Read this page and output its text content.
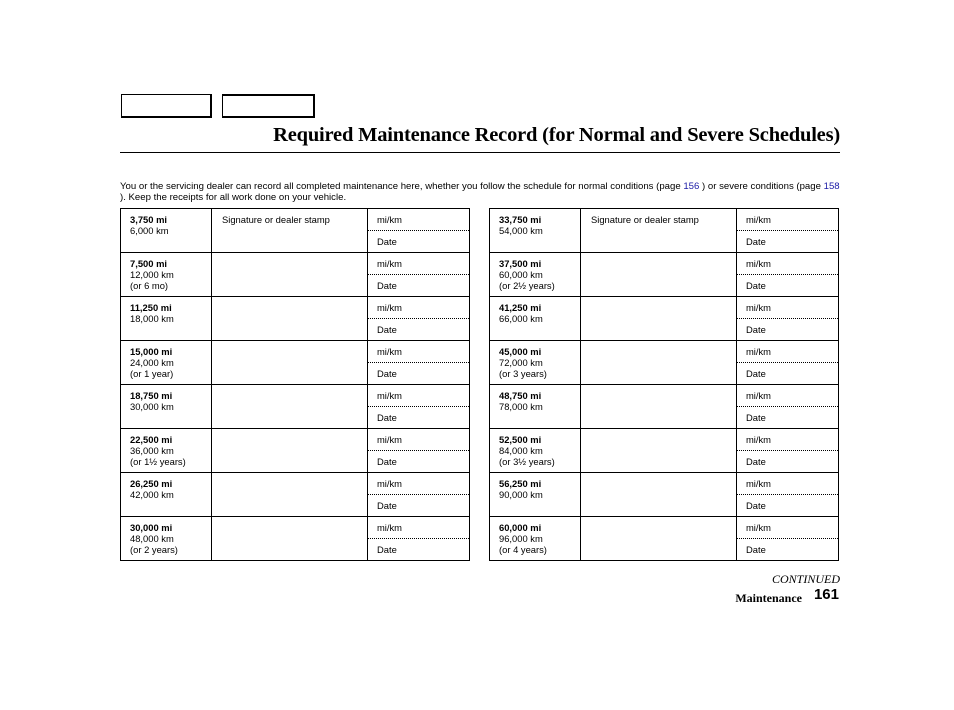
Required Maintenance Record (for Normal and Severe Schedules)
You or the servicing dealer can record all completed maintenance here, whether you follow the schedule for normal conditions (page 156 ) or severe conditions (page 158 ). Keep the receipts for all work done on your vehicle.
3,750 mi
6,000 km	Signature or dealer stamp	mi/km
		Date

7,500 mi
12,000 km
(or 6 mo)		mi/km
		Date

11,250 mi
18,000 km		mi/km
		Date

15,000 mi
24,000 km
(or 1 year)		mi/km
		Date

18,750 mi
30,000 km		mi/km
		Date

22,500 mi
36,000 km
(or 1½ years)		mi/km
		Date

26,250 mi
42,000 km		mi/km
		Date

30,000 mi
48,000 km
(or 2 years)		mi/km
		Date
33,750 mi
54,000 km	Signature or dealer stamp	mi/km
		Date

37,500 mi
60,000 km
(or 2½ years)		mi/km
		Date

41,250 mi
66,000 km		mi/km
		Date

45,000 mi
72,000 km
(or 3 years)		mi/km
		Date

48,750 mi
78,000 km		mi/km
		Date

52,500 mi
84,000 km
(or 3½ years)		mi/km
		Date

56,250 mi
90,000 km		mi/km
		Date

60,000 mi
96,000 km
(or 4 years)		mi/km
		Date
CONTINUED
Maintenance 161
